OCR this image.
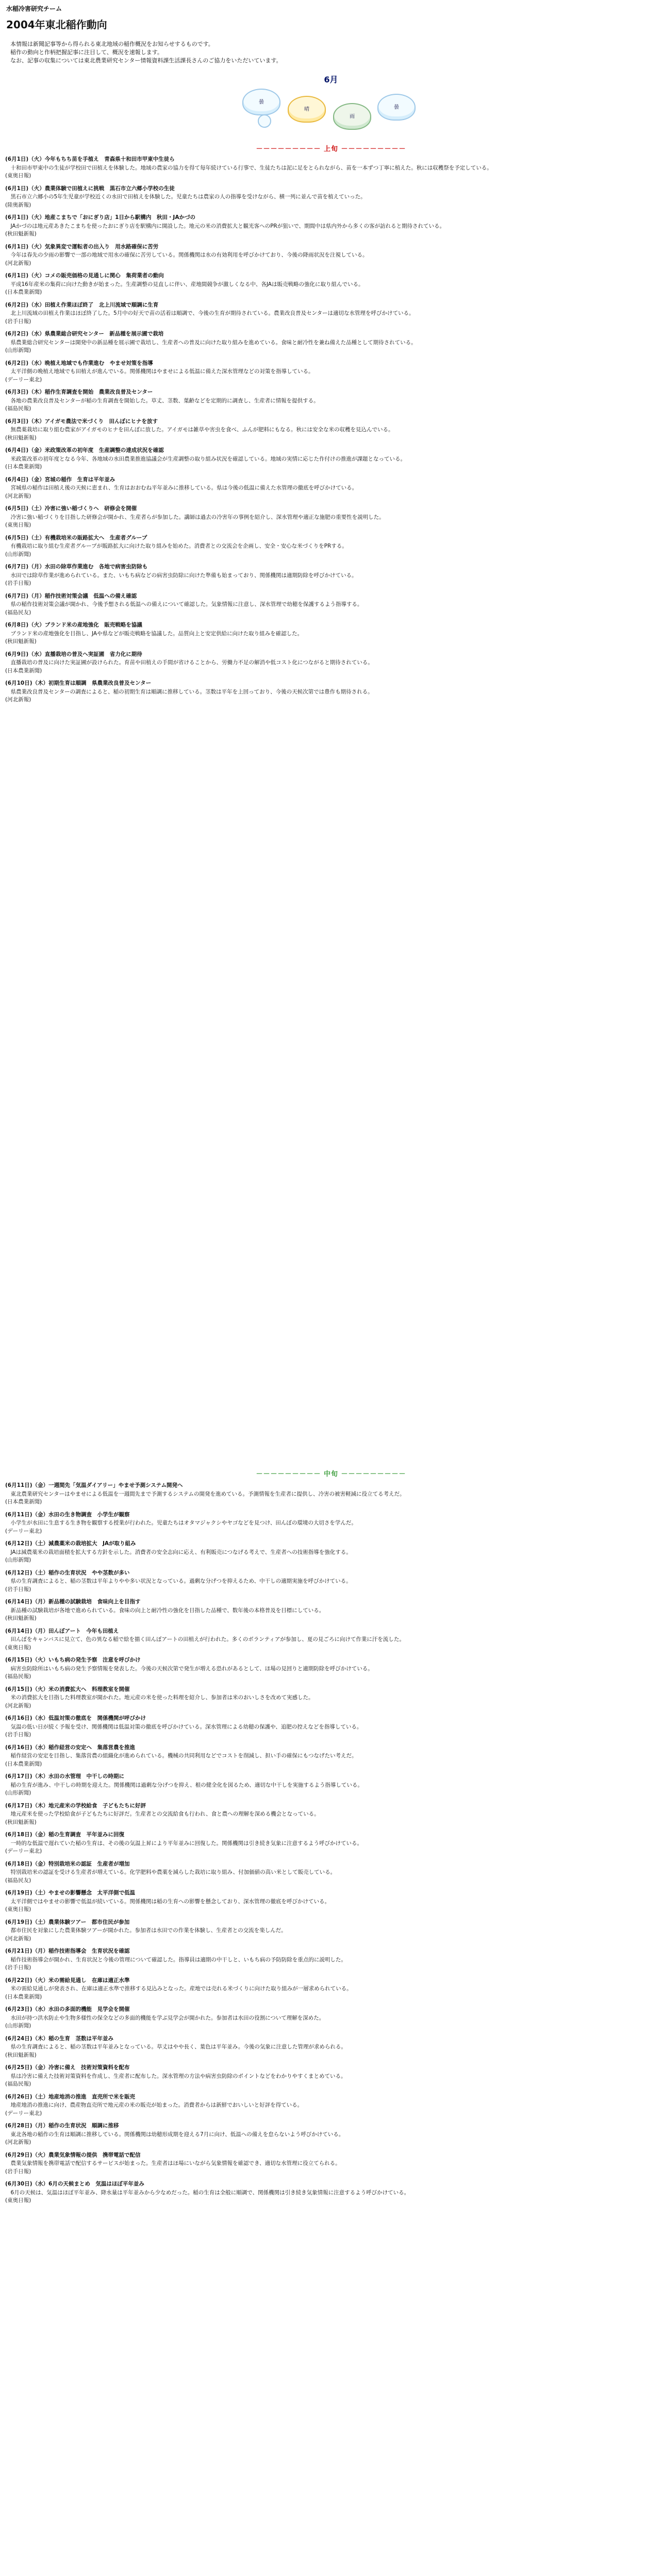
水稲冷害研究チーム
2004年東北稲作動向
本情報は新聞記事等から得られる東北地域の稲作概況をお知らせするものです。
稲作の動向と作柄把握記事に注目して、概況を速報します。
なお、記事の収集については東北農業研究センター情報資料課生活課長さんのご協力をいただいています。
6月
曇
晴
雨
曇
－－－－－－－－－ 上旬 －－－－－－－－－

(6月1日)（火）今年もちち苗を手植え　青森県十和田市甲東中生徒ら

十和田市甲東中の生徒が学校田で田植えを体験した。地域の農家の協力を得て毎年続けている行事で、生徒たちは泥に足をとられながら、苗を一本ずつ丁寧に植えた。秋には収穫祭を予定している。

(東奥日報)

(6月1日)（火）農業体験で田植えに挑戦　黒石市立六郷小学校の生徒

黒石市立六郷小の5年生児童が学校近くの水田で田植えを体験した。児童たちは農家の人の指導を受けながら、横一列に並んで苗を植えていった。

(陸奥新報)

(6月1日)（火）地産こまちで「おにぎり店」1日から駅構内　秋田・JAかづの

JAかづのは地元産あきたこまちを使ったおにぎり店を駅構内に開設した。地元の米の消費拡大と観光客へのPRが狙いで、期間中は県内外から多くの客が訪れると期待されている。

(秋田魁新報)

(6月1日)（火）気象異変で運転者の出入り　用水路確保に苦労

今年は春先の少雨の影響で一部の地域で用水の確保に苦労している。関係機関は水の有効利用を呼びかけており、今後の降雨状況を注視している。

(河北新報)

(6月1日)（火）コメの販売価格の見通しに関心　集荷業者の動向

平成16年産米の集荷に向けた動きが始まった。生産調整の見直しに伴い、産地間競争が激しくなる中、各JAは販売戦略の強化に取り組んでいる。

(日本農業新聞)

(6月2日)（水）田植え作業ほぼ終了　北上川流域で順調に生育

北上川流域の田植え作業はほぼ終了した。5月中の好天で苗の活着は順調で、今後の生育が期待されている。農業改良普及センターは適切な水管理を呼びかけている。

(岩手日報)

(6月2日)（水）県農業総合研究センター　新品種を展示圃で栽培

県農業総合研究センターは開発中の新品種を展示圃で栽培し、生産者への普及に向けた取り組みを進めている。食味と耐冷性を兼ね備えた品種として期待されている。

(山形新聞)

(6月2日)（水）晩植え地域でも作業進む　やませ対策を指導

太平洋側の晩植え地域でも田植えが進んでいる。関係機関はやませによる低温に備えた深水管理などの対策を指導している。

(デーリー東北)

(6月3日)（木）稲作生育調査を開始　農業改良普及センター

各地の農業改良普及センターが稲の生育調査を開始した。草丈、茎数、葉齢などを定期的に調査し、生産者に情報を提供する。

(福島民報)

(6月3日)（木）アイガモ農法で米づくり　田んぼにヒナを放す

無農薬栽培に取り組む農家がアイガモのヒナを田んぼに放した。アイガモは雑草や害虫を食べ、ふんが肥料にもなる。秋には安全な米の収穫を見込んでいる。

(秋田魁新報)

(6月4日)（金）米政策改革の初年度　生産調整の達成状況を確認

米政策改革の初年度となる今年、各地域の水田農業推進協議会が生産調整の取り組み状況を確認している。地域の実情に応じた作付けの推進が課題となっている。

(日本農業新聞)

(6月4日)（金）宮城の稲作　生育は平年並み

宮城県の稲作は田植え後の天候に恵まれ、生育はおおむね平年並みに推移している。県は今後の低温に備えた水管理の徹底を呼びかけている。

(河北新報)

(6月5日)（土）冷害に強い稲づくりへ　研修会を開催

冷害に強い稲づくりを目指した研修会が開かれ、生産者らが参加した。講師は過去の冷害年の事例を紹介し、深水管理や適正な施肥の重要性を説明した。

(東奥日報)

(6月5日)（土）有機栽培米の販路拡大へ　生産者グループ

有機栽培に取り組む生産者グループが販路拡大に向けた取り組みを始めた。消費者との交流会を企画し、安全・安心な米づくりをPRする。

(山形新聞)

(6月7日)（月）水田の除草作業進む　各地で病害虫防除も

水田では除草作業が進められている。また、いもち病などの病害虫防除に向けた準備も始まっており、関係機関は適期防除を呼びかけている。

(岩手日報)

(6月7日)（月）稲作技術対策会議　低温への備え確認

県の稲作技術対策会議が開かれ、今後予想される低温への備えについて確認した。気象情報に注意し、深水管理で幼穂を保護するよう指導する。

(福島民友)

(6月8日)（火）ブランド米の産地強化　販売戦略を協議

ブランド米の産地強化を目指し、JAや県などが販売戦略を協議した。品質向上と安定供給に向けた取り組みを確認した。

(秋田魁新報)

(6月9日)（水）直播栽培の普及へ実証圃　省力化に期待

直播栽培の普及に向けた実証圃が設けられた。育苗や田植えの手間が省けることから、労働力不足の解消や低コスト化につながると期待されている。

(日本農業新聞)

(6月10日)（木）初期生育は順調　県農業改良普及センター

県農業改良普及センターの調査によると、稲の初期生育は順調に推移している。茎数は平年を上回っており、今後の天候次第では豊作も期待される。

(河北新報)

－－－－－－－－－ 中旬 －－－－－－－－－

(6月11日)（金）一週間先「気温ダイアリー」やませ予測システム開発へ

東北農業研究センターはやませによる低温を一週間先まで予測するシステムの開発を進めている。予測情報を生産者に提供し、冷害の被害軽減に役立てる考えだ。

(日本農業新聞)

(6月11日)（金）水田の生き物調査　小学生が観察

小学生が水田に生息する生き物を観察する授業が行われた。児童たちはオタマジャクシやヤゴなどを見つけ、田んぼの環境の大切さを学んだ。

(デーリー東北)

(6月12日)（土）減農薬米の栽培拡大　JAが取り組み

JAは減農薬米の栽培面積を拡大する方針を示した。消費者の安全志向に応え、有利販売につなげる考えで、生産者への技術指導を強化する。

(山形新聞)

(6月12日)（土）稲作の生育状況　やや茎数が多い

県の生育調査によると、稲の茎数は平年よりやや多い状況となっている。過剰な分げつを抑えるため、中干しの適期実施を呼びかけている。

(岩手日報)

(6月14日)（月）新品種の試験栽培　食味向上を目指す

新品種の試験栽培が各地で進められている。食味の向上と耐冷性の強化を目指した品種で、数年後の本格普及を目標にしている。

(秋田魁新報)

(6月14日)（月）田んぼアート　今年も田植え

田んぼをキャンバスに見立て、色の異なる稲で絵を描く田んぼアートの田植えが行われた。多くのボランティアが参加し、夏の見ごろに向けて作業に汗を流した。

(東奥日報)

(6月15日)（火）いもち病の発生予察　注意を呼びかけ

病害虫防除所はいもち病の発生予察情報を発表した。今後の天候次第で発生が増える恐れがあるとして、ほ場の見回りと適期防除を呼びかけている。

(福島民報)

(6月15日)（火）米の消費拡大へ　料理教室を開催

米の消費拡大を目指した料理教室が開かれた。地元産の米を使った料理を紹介し、参加者は米のおいしさを改めて実感した。

(河北新報)

(6月16日)（水）低温対策の徹底を　関係機関が呼びかけ

気温の低い日が続く予報を受け、関係機関は低温対策の徹底を呼びかけている。深水管理による幼穂の保護や、追肥の控えなどを指導している。

(岩手日報)

(6月16日)（水）稲作経営の安定へ　集落営農を推進

稲作経営の安定を目指し、集落営農の組織化が進められている。機械の共同利用などでコストを削減し、担い手の確保にもつなげたい考えだ。

(日本農業新聞)

(6月17日)（木）水田の水管理　中干しの時期に

稲の生育が進み、中干しの時期を迎えた。関係機関は過剰な分げつを抑え、根の健全化を図るため、適切な中干しを実施するよう指導している。

(山形新聞)

(6月17日)（木）地元産米の学校給食　子どもたちに好評

地元産米を使った学校給食が子どもたちに好評だ。生産者との交流給食も行われ、食と農への理解を深める機会となっている。

(秋田魁新報)

(6月18日)（金）稲の生育調査　平年並みに回復

一時的な低温で遅れていた稲の生育は、その後の気温上昇により平年並みに回復した。関係機関は引き続き気象に注意するよう呼びかけている。

(デーリー東北)

(6月18日)（金）特別栽培米の認証　生産者が増加

特別栽培米の認証を受ける生産者が増えている。化学肥料や農薬を減らした栽培に取り組み、付加価値の高い米として販売している。

(福島民友)

(6月19日)（土）やませの影響懸念　太平洋側で低温

太平洋側ではやませの影響で低温が続いている。関係機関は稲の生育への影響を懸念しており、深水管理の徹底を呼びかけている。

(東奥日報)

(6月19日)（土）農業体験ツアー　都市住民が参加

都市住民を対象にした農業体験ツアーが開かれた。参加者は水田での作業を体験し、生産者との交流を楽しんだ。

(河北新報)

(6月21日)（月）稲作技術指導会　生育状況を確認

稲作技術指導会が開かれ、生育状況と今後の管理について確認した。指導員は適期の中干しと、いもち病の予防防除を重点的に説明した。

(岩手日報)

(6月22日)（火）米の需給見通し　在庫は適正水準

米の需給見通しが発表され、在庫は適正水準で推移する見込みとなった。産地では売れる米づくりに向けた取り組みが一層求められている。

(日本農業新聞)

(6月23日)（水）水田の多面的機能　見学会を開催

水田が持つ洪水防止や生物多様性の保全などの多面的機能を学ぶ見学会が開かれた。参加者は水田の役割について理解を深めた。

(山形新聞)

(6月24日)（木）稲の生育　茎数は平年並み

県の生育調査によると、稲の茎数は平年並みとなっている。草丈はやや長く、葉色は平年並み。今後の気象に注意した管理が求められる。

(秋田魁新報)

(6月25日)（金）冷害に備え　技術対策資料を配布

県は冷害に備えた技術対策資料を作成し、生産者に配布した。深水管理の方法や病害虫防除のポイントなどをわかりやすくまとめている。

(福島民報)

(6月26日)（土）地産地消の推進　直売所で米を販売

地産地消の推進に向け、農産物直売所で地元産の米の販売が始まった。消費者からは新鮮でおいしいと好評を得ている。

(デーリー東北)

(6月28日)（月）稲作の生育状況　順調に推移

東北各地の稲作の生育は順調に推移している。関係機関は幼穂形成期を迎える7月に向け、低温への備えを怠らないよう呼びかけている。

(河北新報)

(6月29日)（火）農業気象情報の提供　携帯電話で配信

農業気象情報を携帯電話で配信するサービスが始まった。生産者はほ場にいながら気象情報を確認でき、適切な水管理に役立てられる。

(岩手日報)

(6月30日)（水）6月の天候まとめ　気温はほぼ平年並み

6月の天候は、気温はほぼ平年並み、降水量は平年並みから少なめだった。稲の生育は全般に順調で、関係機関は引き続き気象情報に注意するよう呼びかけている。

(東奥日報)
